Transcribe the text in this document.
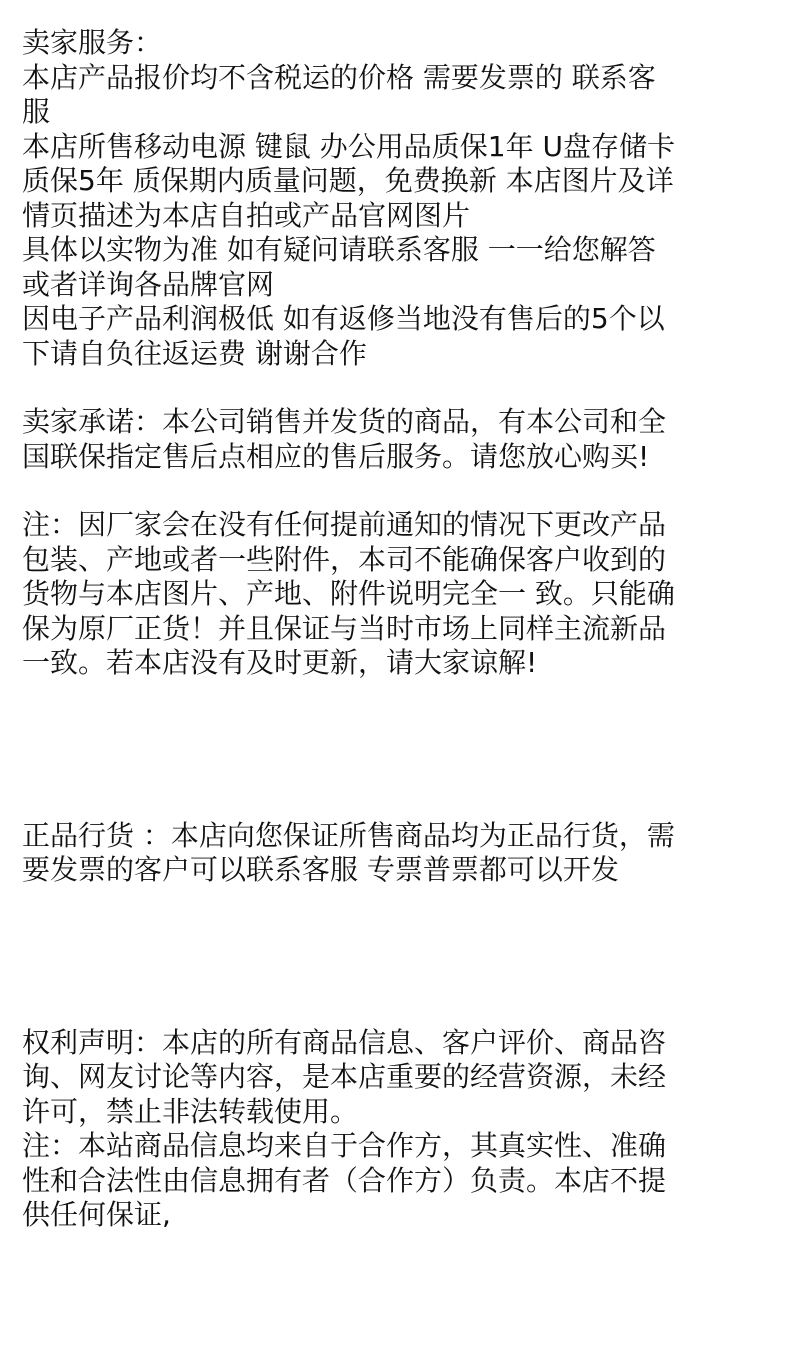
卖家服务：
本店产品报价均不含税运的价格 需要发票的 联系客
服
本店所售移动电源 键鼠 办公用品质保1年 U盘存储卡
质保5年 质保期内质量问题，免费换新 本店图片及详
情页描述为本店自拍或产品官网图片
具体以实物为准 如有疑问请联系客服 一一给您解答
或者详询各品牌官网
因电子产品利润极低 如有返修当地没有售后的5个以
下请自负往返运费 谢谢合作
卖家承诺：本公司销售并发货的商品，有本公司和全
国联保指定售后点相应的售后服务。请您放心购买!
注：因厂家会在没有任何提前通知的情况下更改产品
包装、产地或者一些附件，本司不能确保客户收到的
货物与本店图片、产地、附件说明完全一 致。只能确
保为原厂正货！并且保证与当时市场上同样主流新品
一致。若本店没有及时更新，请大家谅解!
正品行货 ：本店向您保证所售商品均为正品行货，需
要发票的客户可以联系客服 专票普票都可以开发
权利声明：本店的所有商品信息、客户评价、商品咨
询、网友讨论等内容，是本店重要的经营资源，未经
许可，禁止非法转载使用。
注：本站商品信息均来自于合作方，其真实性、准确
性和合法性由信息拥有者（合作方）负责。本店不提
供任何保证,
